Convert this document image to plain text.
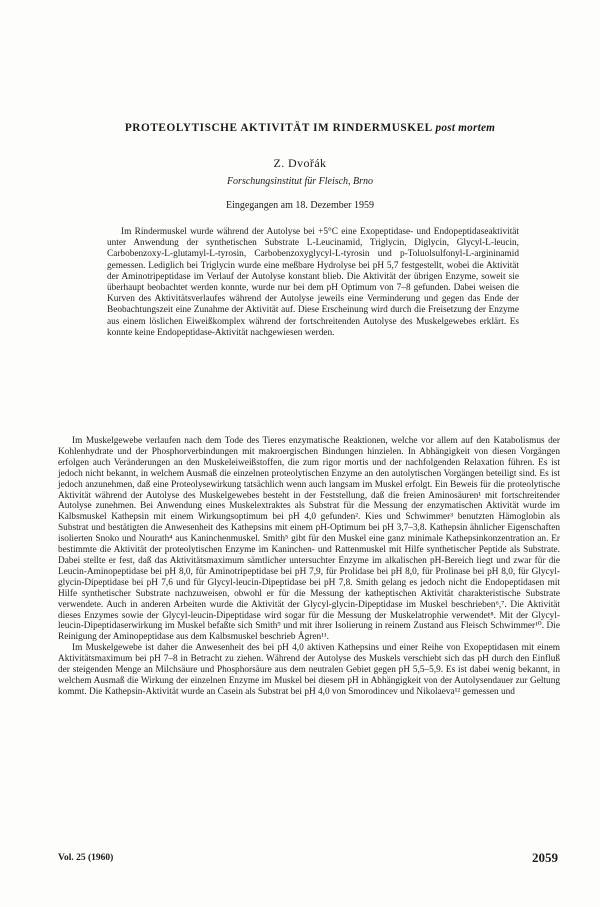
PROTEOLYTISCHE AKTIVITÄT IM RINDERMUSKEL post mortem
Z. Dvořák
Forschungsinstitut für Fleisch, Brno
Eingegangen am 18. Dezember 1959

Im Rindermuskel wurde während der Autolyse bei +5°C eine Exopeptidase- und Endopeptidaseaktivität unter Anwendung der synthetischen Substrate L-Leucinamid, Triglycin, Diglycin, Glycyl-L-leucin, Carbobenzoxy-L-glutamyl-L-tyrosin, Carbobenzoxyglycyl-L-tyrosin und p-Toluolsulfonyl-L-argininamid gemessen. Lediglich bei Triglycin wurde eine meßbare Hydrolyse bei pH 5,7 festgestellt, wobei die Aktivität der Aminotripeptidase im Verlauf der Autolyse konstant blieb. Die Aktivität der übrigen Enzyme, soweit sie überhaupt beobachtet werden konnte, wurde nur bei dem pH Optimum von 7–8 gefunden. Dabei weisen die Kurven des Aktivitätsverlaufes während der Autolyse jeweils eine Verminderung und gegen das Ende der Beobachtungszeit eine Zunahme der Aktivität auf. Diese Erscheinung wird durch die Freisetzung der Enzyme aus einem löslichen Eiweißkomplex während der fortschreitenden Autolyse des Muskelgewebes erklärt. Es konnte keine Endopeptidase-Aktivität nachgewiesen werden.

Im Muskelgewebe verlaufen nach dem Tode des Tieres enzymatische Reaktionen, welche vor allem auf den Katabolismus der Kohlenhydrate und der Phosphorverbindungen mit makroergischen Bindungen hinzielen. In Abhängigkeit von diesen Vorgängen erfolgen auch Veränderungen an den Muskeleiweißstoffen, die zum rigor mortis und der nachfolgenden Relaxation führen. Es ist jedoch nicht bekannt, in welchem Ausmaß die einzelnen proteolytischen Enzyme an den autolytischen Vorgängen beteiligt sind. Es ist jedoch anzunehmen, daß eine Proteolysewirkung tatsächlich wenn auch langsam im Muskel erfolgt. Ein Beweis für die proteolytische Aktivität während der Autolyse des Muskelgewebes besteht in der Feststellung, daß die freien Aminosäuren¹ mit fortschreitender Autolyse zunehmen. Bei Anwendung eines Muskelextraktes als Substrat für die Messung der enzymatischen Aktivität wurde im Kalbsmuskel Kathepsin mit einem Wirkungsoptimum bei pH 4,0 gefunden². Kies und Schwimmer³ benutzten Hämoglobin als Substrat und bestätigten die Anwesenheit des Kathepsins mit einem pH-Optimum bei pH 3,7–3,8. Kathepsin ähnlicher Eigenschaften isolierten Snoko und Nourath⁴ aus Kaninchenmuskel. Smith⁵ gibt für den Muskel eine ganz minimale Kathepsinkonzentration an. Er bestimmte die Aktivität der proteolytischen Enzyme im Kaninchen- und Rattenmuskel mit Hilfe synthetischer Peptide als Substrate. Dabei stellte er fest, daß das Aktivitätsmaximum sämtlicher untersuchter Enzyme im alkalischen pH-Bereich liegt und zwar für die Leucin-Aminopeptidase bei pH 8,0, für Aminotripeptidase bei pH 7,9, für Prolidase bei pH 8,0, für Prolinase bei pH 8,0, für Glycyl-glycin-Dipeptidase bei pH 7,6 und für Glycyl-leucin-Dipeptidase bei pH 7,8. Smith gelang es jedoch nicht die Endopeptidasen mit Hilfe synthetischer Substrate nachzuweisen, obwohl er für die Messung der katheptischen Aktivität charakteristische Substrate verwendete. Auch in anderen Arbeiten wurde die Aktivität der Glycyl-glycin-Dipeptidase im Muskel beschrieben⁶,⁷. Die Aktivität dieses Enzymes sowie der Glycyl-leucin-Dipeptidase wird sogar für die Messung der Muskelatrophie verwendet⁸. Mit der Glycyl-leucin-Dipeptidaserwirkung im Muskel befaßte sich Smith⁹ und mit ihrer Isolierung in reinem Zustand aus Fleisch Schwimmer¹⁰. Die Reinigung der Aminopeptidase aus dem Kalbsmuskel beschrieb Ågren¹¹.

Im Muskelgewebe ist daher die Anwesenheit des bei pH 4,0 aktiven Kathepsins und einer Reihe von Exopeptidasen mit einem Aktivitätsmaximum bei pH 7–8 in Betracht zu ziehen. Während der Autolyse des Muskels verschiebt sich das pH durch den Einfluß der steigenden Menge an Milchsäure und Phosphorsäure aus dem neutralen Gebiet gegen pH 5,5–5,9. Es ist dabei wenig bekannt, in welchem Ausmaß die Wirkung der einzelnen Enzyme im Muskel bei diesem pH in Abhängigkeit von der Autolysendauer zur Geltung kommt. Die Kathepsin-Aktivität wurde an Casein als Substrat bei pH 4,0 von Smorodincev und Nikolaeva¹² gemessen und

Vol. 25 (1960)	2059
